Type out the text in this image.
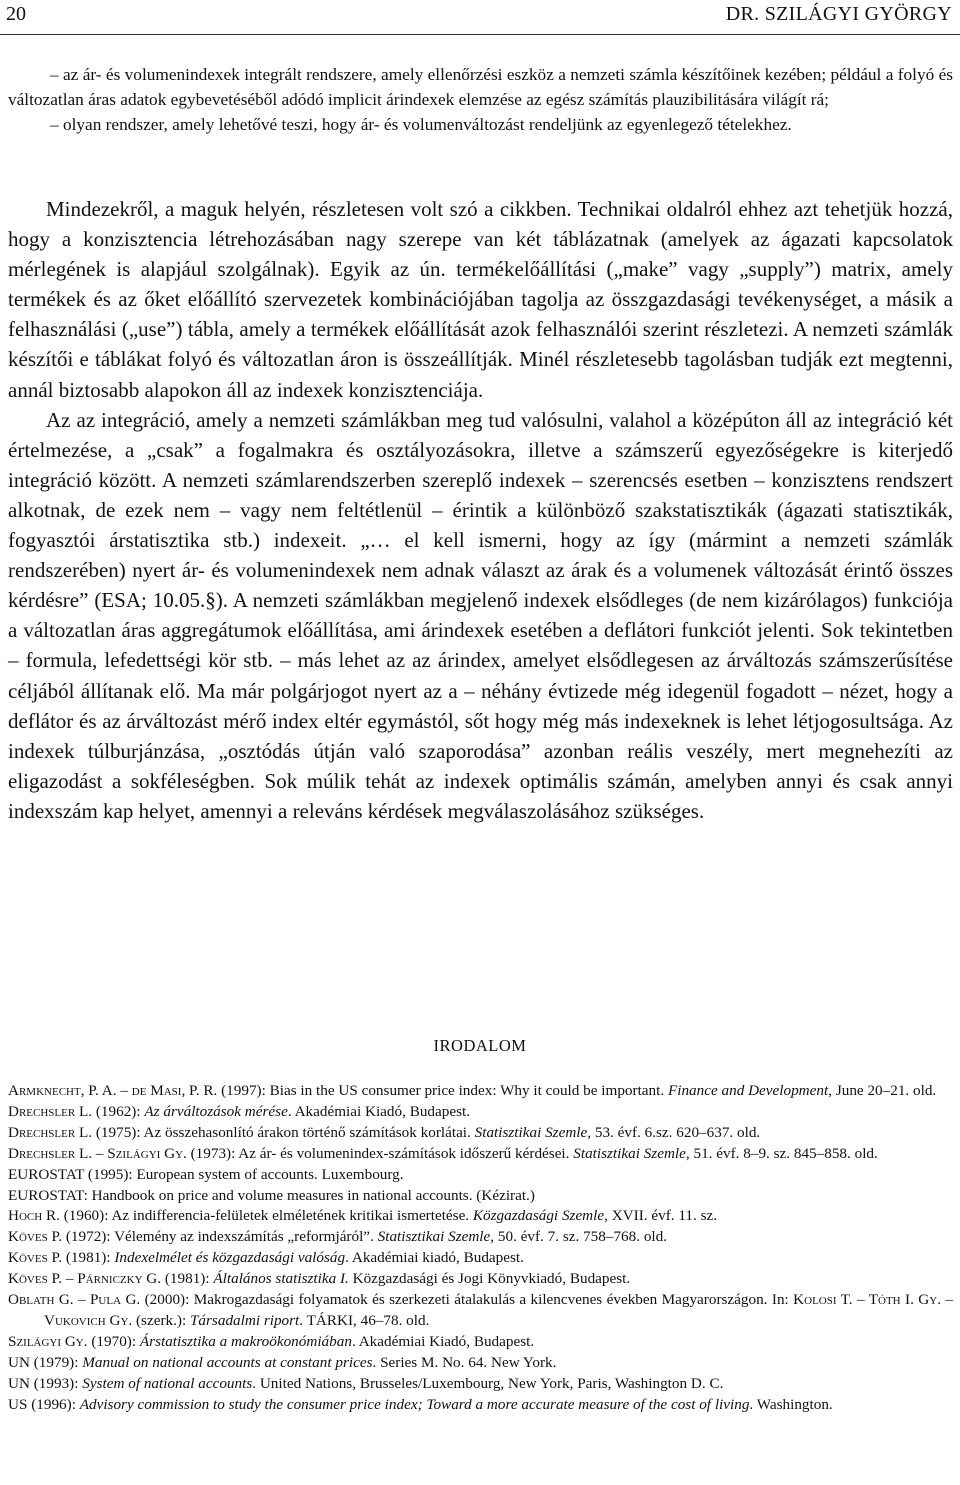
20	DR. SZILÁGYI GYÖRGY

– az ár- és volumenindexek integrált rendszere, amely ellenőrzési eszköz a nemzeti számla készítőinek kezében; például a folyó és változatlan áras adatok egybevetéséből adódó implicit árindexek elemzése az egész számítás plauzibilitására világít rá;

– olyan rendszer, amely lehetővé teszi, hogy ár- és volumenváltozást rendeljünk az egyenlegező tételekhez.

Mindezekről, a maguk helyén, részletesen volt szó a cikkben. Technikai oldalról ehhez azt tehetjük hozzá, hogy a konzisztencia létrehozásában nagy szerepe van két táblázatnak (amelyek az ágazati kapcsolatok mérlegének is alapjául szolgálnak). Egyik az ún. termékelőállítási („make” vagy „supply”) matrix, amely termékek és az őket előállító szervezetek kombinációjában tagolja az összgazdasági tevékenységet, a másik a felhasználási („use”) tábla, amely a termékek előállítását azok felhasználói szerint részletezi. A nemzeti számlák készítői e táblákat folyó és változatlan áron is összeállítják. Minél részletesebb tagolásban tudják ezt megtenni, annál biztosabb alapokon áll az indexek konzisztenciája.

Az az integráció, amely a nemzeti számlákban meg tud valósulni, valahol a középúton áll az integráció két értelmezése, a „csak” a fogalmakra és osztályozásokra, illetve a számszerű egyezőségekre is kiterjedő integráció között. A nemzeti számlarendszerben szereplő indexek – szerencsés esetben – konzisztens rendszert alkotnak, de ezek nem – vagy nem feltétlenül – érintik a különböző szakstatisztikák (ágazati statisztikák, fogyasztói árstatisztika stb.) indexeit. „… el kell ismerni, hogy az így (mármint a nemzeti számlák rendszerében) nyert ár- és volumenindexek nem adnak választ az árak és a volumenek változását érintő összes kérdésre” (ESA; 10.05.§). A nemzeti számlákban megjelenő indexek elsődleges (de nem kizárólagos) funkciója a változatlan áras aggregátumok előállítása, ami árindexek esetében a deflátori funkciót jelenti. Sok tekintetben – formula, lefedettségi kör stb. – más lehet az az árindex, amelyet elsődlegesen az árváltozás számszerűsítése céljából állítanak elő. Ma már polgárjogot nyert az a – néhány évtizede még idegenül fogadott – nézet, hogy a deflátor és az árváltozást mérő index eltér egymástól, sőt hogy még más indexeknek is lehet létjogosultsága. Az indexek túlburjánzása, „osztódás útján való szaporodása” azonban reális veszély, mert megnehezíti az eligazodást a sokféleségben. Sok múlik tehát az indexek optimális számán, amelyben annyi és csak annyi indexszám kap helyet, amennyi a releváns kérdések megválaszolásához szükséges.

IRODALOM
Armknecht, P. A. – de Masi, P. R. (1997): Bias in the US consumer price index: Why it could be important. Finance and Development, June 20–21. old.
Drechsler L. (1962): Az árváltozások mérése. Akadémiai Kiadó, Budapest.
Drechsler L. (1975): Az összehasonlító árakon történő számítások korlátai. Statisztikai Szemle, 53. évf. 6.sz. 620–637. old.
Drechsler L. – Szilágyi Gy. (1973): Az ár- és volumenindex-számítások időszerű kérdései. Statisztikai Szemle, 51. évf. 8–9. sz. 845–858. old.
EUROSTAT (1995): European system of accounts. Luxembourg.
EUROSTAT: Handbook on price and volume measures in national accounts. (Kézirat.)
Hoch R. (1960): Az indifferencia-felületek elméletének kritikai ismertetése. Közgazdasági Szemle, XVII. évf. 11. sz.
Köves P. (1972): Vélemény az indexszámítás „reformjáról”. Statisztikai Szemle, 50. évf. 7. sz. 758–768. old.
Köves P. (1981): Indexelmélet és közgazdasági valóság. Akadémiai kiadó, Budapest.
Köves P. – Párniczky G. (1981): Általános statisztika I. Közgazdasági és Jogi Könyvkiadó, Budapest.
Oblath G. – Pula G. (2000): Makrogazdasági folyamatok és szerkezeti átalakulás a kilencvenes években Magyarországon. In: Kolosi T. – Tóth I. Gy. – Vukovich Gy. (szerk.): Társadalmi riport. TÁRKI, 46–78. old.
Szilágyi Gy. (1970): Árstatisztika a makroökonómiában. Akadémiai Kiadó, Budapest.
UN (1979): Manual on national accounts at constant prices. Series M. No. 64. New York.
UN (1993): System of national accounts. United Nations, Brusseles/Luxembourg, New York, Paris, Washington D. C.
US (1996): Advisory commission to study the consumer price index; Toward a more accurate measure of the cost of living. Washington.
